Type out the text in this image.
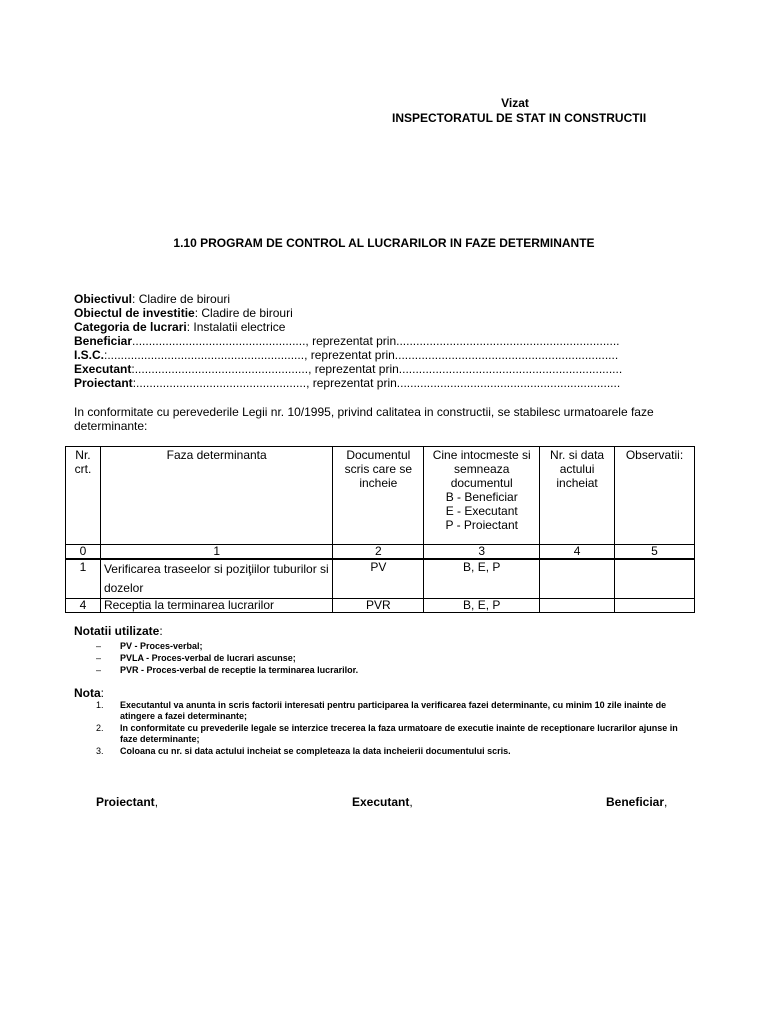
Vizat
INSPECTORATUL DE STAT IN CONSTRUCTII
1.10 PROGRAM DE CONTROL AL LUCRARILOR IN FAZE DETERMINANTE
Obiectivul: Cladire de birouri
Obiectul de investitie: Cladire de birouri
Categoria de lucrari: Instalatii electrice
Beneficiar...................................................., reprezentat prin...................................................................
I.S.C.:..........................................................., reprezentat prin...................................................................
Executant:...................................................., reprezentat prin...................................................................
Proiectant:..................................................., reprezentat prin...................................................................
In conformitate cu perevederile Legii nr. 10/1995, privind calitatea in constructii, se stabilesc urmatoarele faze determinante:
Nr. crt.	Faza determinanta	Documentul scris care se incheie	Cine intocmeste si semneaza documentul
B - Beneficiar
E - Executant
P - Proiectant	Nr. si data actului incheiat	Observatii:
0	1	2	3	4	5
1	Verificarea traseelor si poziţiilor tuburilor si dozelor	PV	B, E, P		
4	Receptia la terminarea lucrarilor	PVR	B, E, P		
Notatii utilizate:
– PV - Proces-verbal;
– PVLA - Proces-verbal de lucrari ascunse;
– PVR - Proces-verbal de receptie la terminarea lucrarilor.
Nota:
1. Executantul va anunta in scris factorii interesati pentru participarea la verificarea fazei determinante, cu minim 10 zile inainte de atingere a fazei determinante;
2. In conformitate cu prevederile legale se interzice trecerea la faza urmatoare de executie inainte de receptionare lucrarilor ajunse in faze determinante;
3. Coloana cu nr. si data actului incheiat se completeaza la data incheierii documentului scris.
Proiectant,	Executant,	Beneficiar,
